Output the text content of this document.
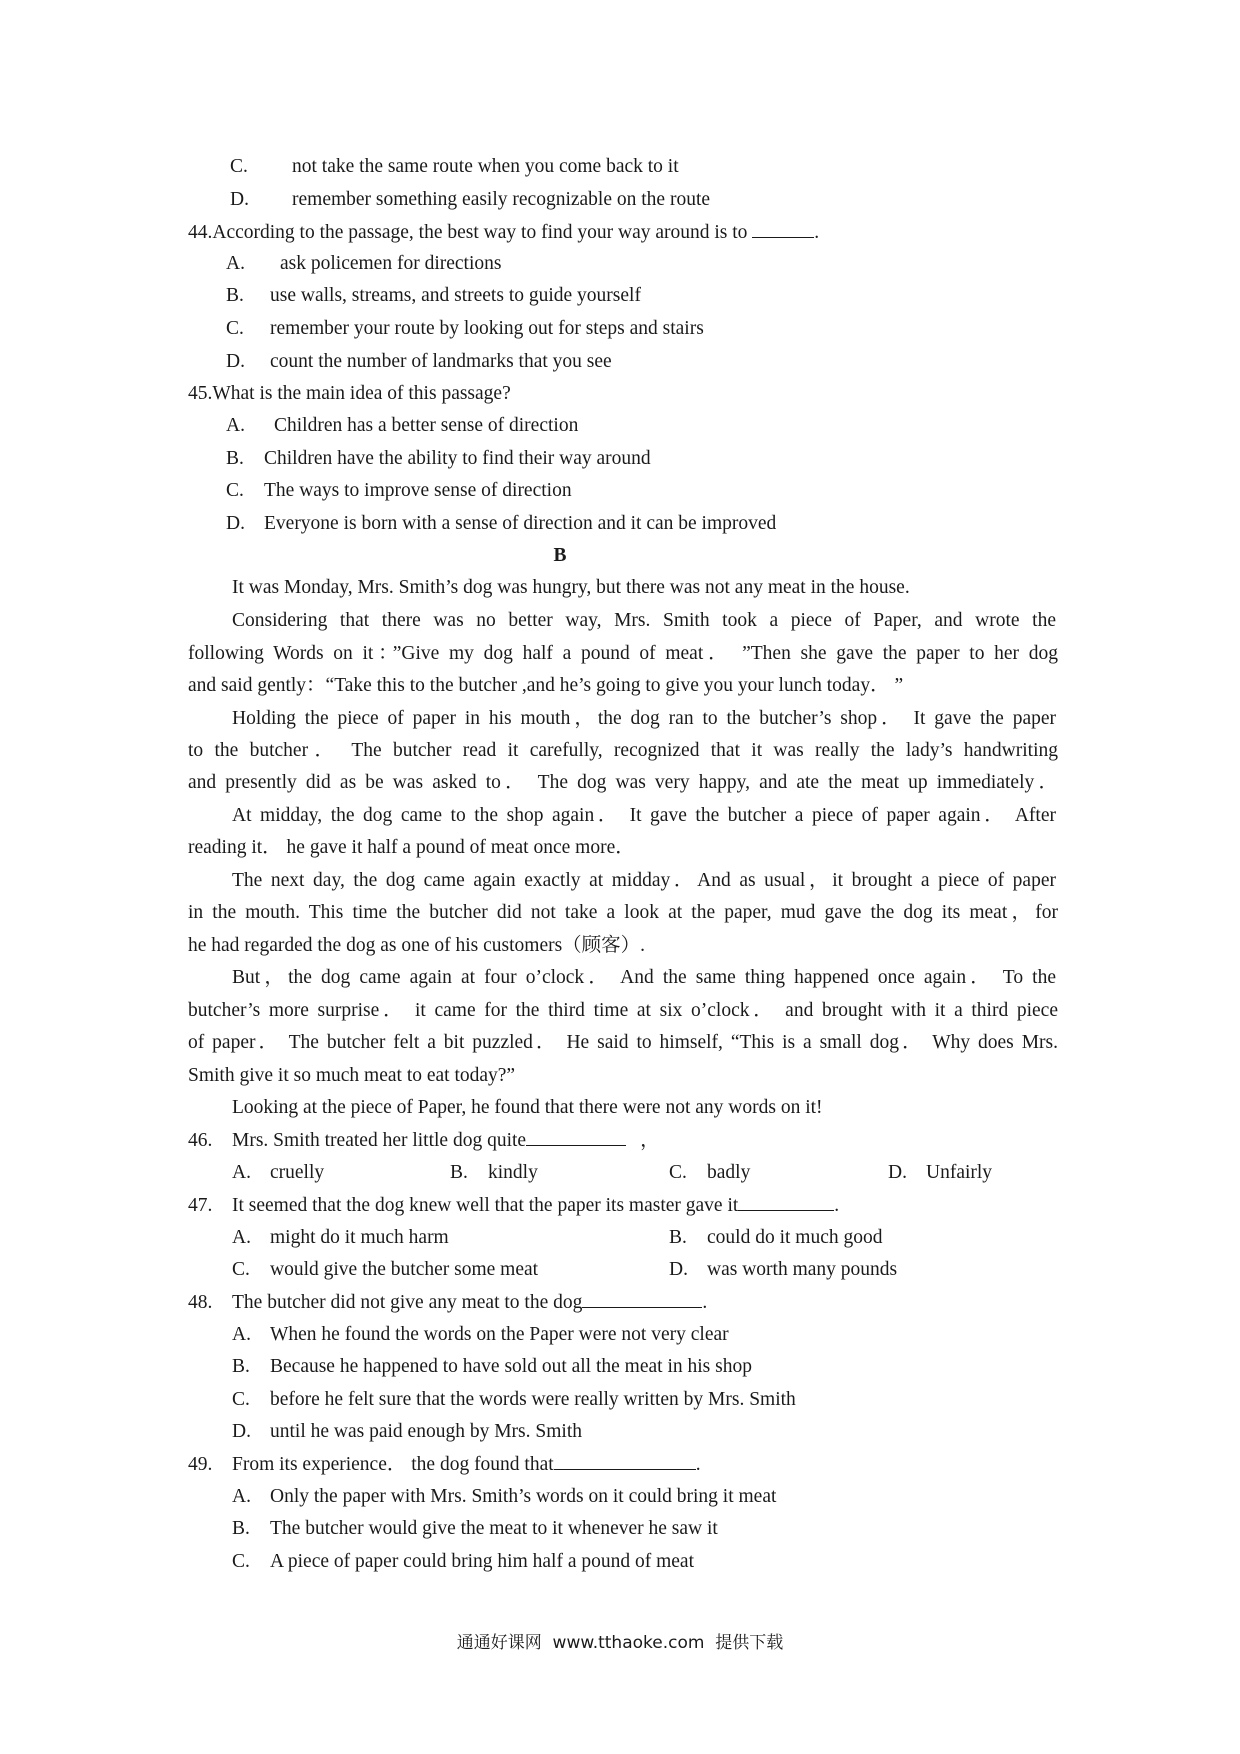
C. not take the same route when you come back to it
D. remember something easily recognizable on the route
44.According to the passage, the best way to find your way around is to	.
A. ask policemen for directions
B. use walls, streams, and streets to guide yourself
C. remember your route by looking out for steps and stairs
D. count the number of landmarks that you see
45.What is the main idea of this passage?
A. Children has a better sense of direction
B. Children have the ability to find their way around
C. The ways to improve sense of direction
D. Everyone is born with a sense of direction and it can be improved
B
It was Monday, Mrs. Smith’s dog was hungry, but there was not any meat in the house.
Considering that there was no better way, Mrs. Smith took a piece of Paper, and wrote the
following Words on it：”Give my dog half a pound of meat． ”Then she gave the paper to her dog
and said gently：“Take this to the butcher ,and he’s going to give you your lunch today． ”
Holding the piece of paper in his mouth，the dog ran to the butcher’s shop． It gave the paper
to the butcher． The butcher read it carefully, recognized that it was really the lady’s handwriting
and presently did as be was asked to． The dog was very happy, and ate the meat up immediately．
At midday, the dog came to the shop again． It gave the butcher a piece of paper again． After
reading it． he gave it half a pound of meat once more．
The next day, the dog came again exactly at midday．And as usual，it brought a piece of paper
in the mouth. This time the butcher did not take a look at the paper, mud gave the dog its meat，for
he had regarded the dog as one of his customers（顾客）.
But，the dog came again at four o’clock． And the same thing happened once again． To the
butcher’s more surprise． it came for the third time at six o’clock． and brought with it a third piece
of paper． The butcher felt a bit puzzled． He said to himself, “This is a small dog． Why does Mrs.
Smith give it so much meat to eat today?”
Looking at the piece of Paper, he found that there were not any words on it!
46. Mrs. Smith treated her little dog quite	，
A. cruelly	B. kindly	C. badly	D. Unfairly
47. It seemed that the dog knew well that the paper its master gave it	.
A. might do it much harm	B. could do it much good
C. would give the butcher some meat	D. was worth many pounds
48. The butcher did not give any meat to the dog	.
A. When he found the words on the Paper were not very clear
B. Because he happened to have sold out all the meat in his shop
C. before he felt sure that the words were really written by Mrs. Smith
D. until he was paid enough by Mrs. Smith
49. From its experience． the dog found that	.
A. Only the paper with Mrs. Smith’s words on it could bring it meat
B. The butcher would give the meat to it whenever he saw it
C. A piece of paper could bring him half a pound of meat
通通好课网  www.tthaoke.com  提供下载
